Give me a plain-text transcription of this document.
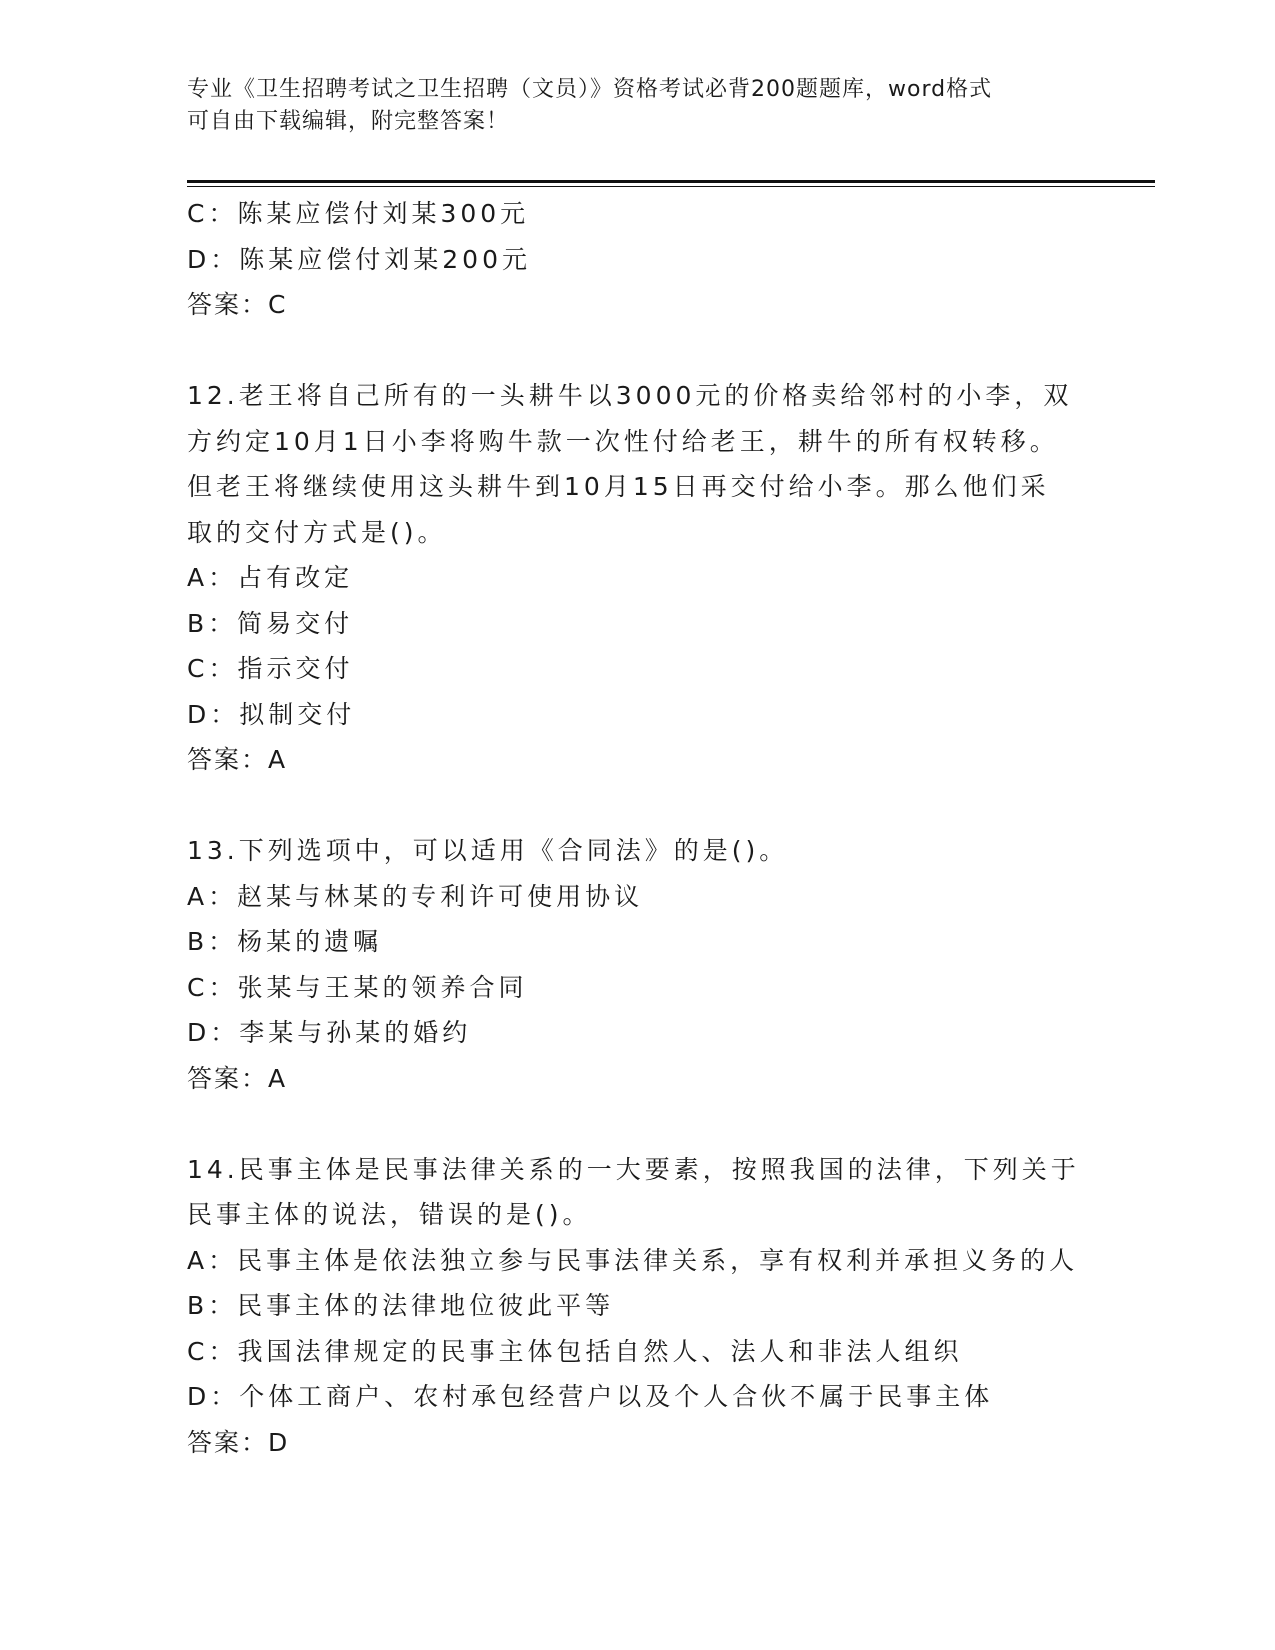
专业《卫生招聘考试之卫生招聘（文员）》资格考试必背200题题库，word格式
可自由下载编辑，附完整答案！
C：陈某应偿付刘某300元
D：陈某应偿付刘某200元
答案：C
12.老王将自己所有的一头耕牛以3000元的价格卖给邻村的小李，双
方约定10月1日小李将购牛款一次性付给老王，耕牛的所有权转移。
但老王将继续使用这头耕牛到10月15日再交付给小李。那么他们采
取的交付方式是()。
A：占有改定
B：简易交付
C：指示交付
D：拟制交付
答案：A
13.下列选项中，可以适用《合同法》的是()。
A：赵某与林某的专利许可使用协议
B：杨某的遗嘱
C：张某与王某的领养合同
D：李某与孙某的婚约
答案：A
14.民事主体是民事法律关系的一大要素，按照我国的法律，下列关于
民事主体的说法，错误的是()。
A：民事主体是依法独立参与民事法律关系，享有权利并承担义务的人
B：民事主体的法律地位彼此平等
C：我国法律规定的民事主体包括自然人、法人和非法人组织
D：个体工商户、农村承包经营户以及个人合伙不属于民事主体
答案：D
